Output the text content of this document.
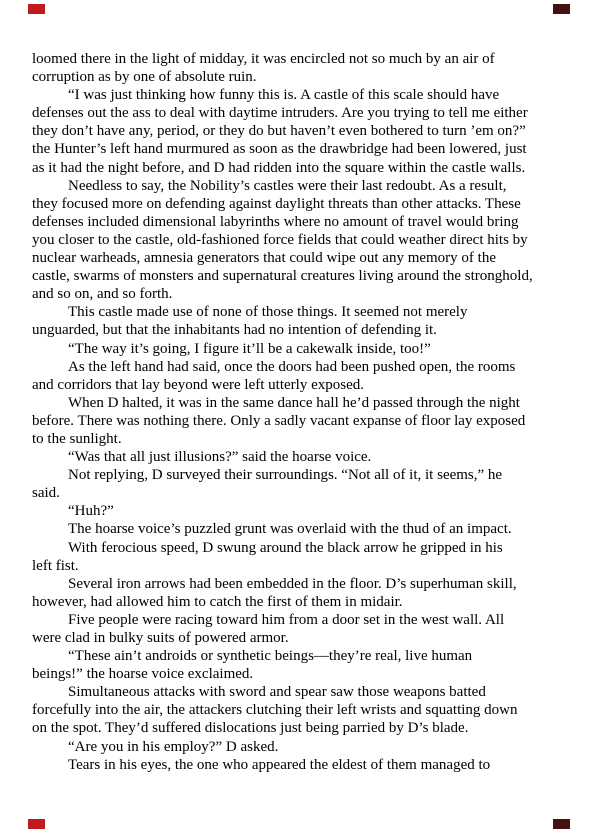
loomed there in the light of midday, it was encircled not so much by an air of
corruption as by one of absolute ruin.
“I was just thinking how funny this is. A castle of this scale should have
defenses out the ass to deal with daytime intruders. Are you trying to tell me either
they don’t have any, period, or they do but haven’t even bothered to turn ’em on?”
the Hunter’s left hand murmured as soon as the drawbridge had been lowered, just
as it had the night before, and D had ridden into the square within the castle walls.
Needless to say, the Nobility’s castles were their last redoubt. As a result,
they focused more on defending against daylight threats than other attacks. These
defenses included dimensional labyrinths where no amount of travel would bring
you closer to the castle, old-fashioned force fields that could weather direct hits by
nuclear warheads, amnesia generators that could wipe out any memory of the
castle, swarms of monsters and supernatural creatures living around the stronghold,
and so on, and so forth.
This castle made use of none of those things. It seemed not merely
unguarded, but that the inhabitants had no intention of defending it.
“The way it’s going, I figure it’ll be a cakewalk inside, too!”
As the left hand had said, once the doors had been pushed open, the rooms
and corridors that lay beyond were left utterly exposed.
When D halted, it was in the same dance hall he’d passed through the night
before. There was nothing there. Only a sadly vacant expanse of floor lay exposed
to the sunlight.
“Was that all just illusions?” said the hoarse voice.
Not replying, D surveyed their surroundings. “Not all of it, it seems,” he
said.
“Huh?”
The hoarse voice’s puzzled grunt was overlaid with the thud of an impact.
With ferocious speed, D swung around the black arrow he gripped in his
left fist.
Several iron arrows had been embedded in the floor. D’s superhuman skill,
however, had allowed him to catch the first of them in midair.
Five people were racing toward him from a door set in the west wall. All
were clad in bulky suits of powered armor.
“These ain’t androids or synthetic beings—they’re real, live human
beings!” the hoarse voice exclaimed.
Simultaneous attacks with sword and spear saw those weapons batted
forcefully into the air, the attackers clutching their left wrists and squatting down
on the spot. They’d suffered dislocations just being parried by D’s blade.
“Are you in his employ?” D asked.
Tears in his eyes, the one who appeared the eldest of them managed to
